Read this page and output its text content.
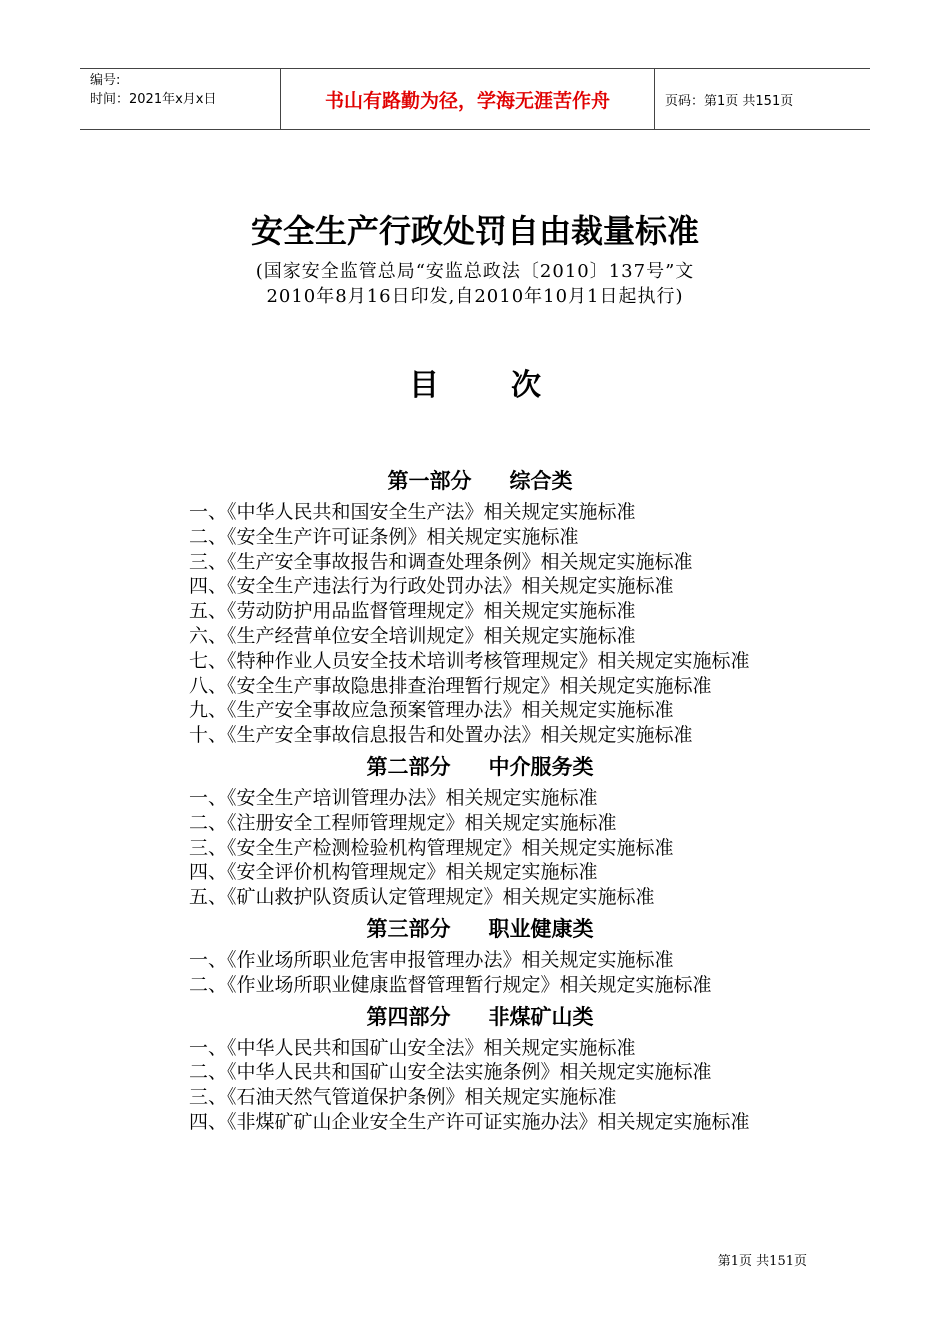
编号:
时间：2021年x月x日	书山有路勤为径，学海无涯苦作舟	页码：第1页 共151页
安全生产行政处罚自由裁量标准
(国家安全监管总局“安监总政法〔2010〕137号”文
2010年8月16日印发,自2010年10月1日起执行)
目 次
第一部分 综合类
一、《中华人民共和国安全生产法》相关规定实施标准
二、《安全生产许可证条例》相关规定实施标准
三、《生产安全事故报告和调查处理条例》相关规定实施标准
四、《安全生产违法行为行政处罚办法》相关规定实施标准
五、《劳动防护用品监督管理规定》相关规定实施标准
六、《生产经营单位安全培训规定》相关规定实施标准
七、《特种作业人员安全技术培训考核管理规定》相关规定实施标准
八、《安全生产事故隐患排查治理暂行规定》相关规定实施标准
九、《生产安全事故应急预案管理办法》相关规定实施标准
十、《生产安全事故信息报告和处置办法》相关规定实施标准
第二部分 中介服务类
一、《安全生产培训管理办法》相关规定实施标准
二、《注册安全工程师管理规定》相关规定实施标准
三、《安全生产检测检验机构管理规定》相关规定实施标准
四、《安全评价机构管理规定》相关规定实施标准
五、《矿山救护队资质认定管理规定》相关规定实施标准
第三部分 职业健康类
一、《作业场所职业危害申报管理办法》相关规定实施标准
二、《作业场所职业健康监督管理暂行规定》相关规定实施标准
第四部分 非煤矿山类
一、《中华人民共和国矿山安全法》相关规定实施标准
二、《中华人民共和国矿山安全法实施条例》相关规定实施标准
三、《石油天然气管道保护条例》相关规定实施标准
四、《非煤矿矿山企业安全生产许可证实施办法》相关规定实施标准
第1页 共151页
